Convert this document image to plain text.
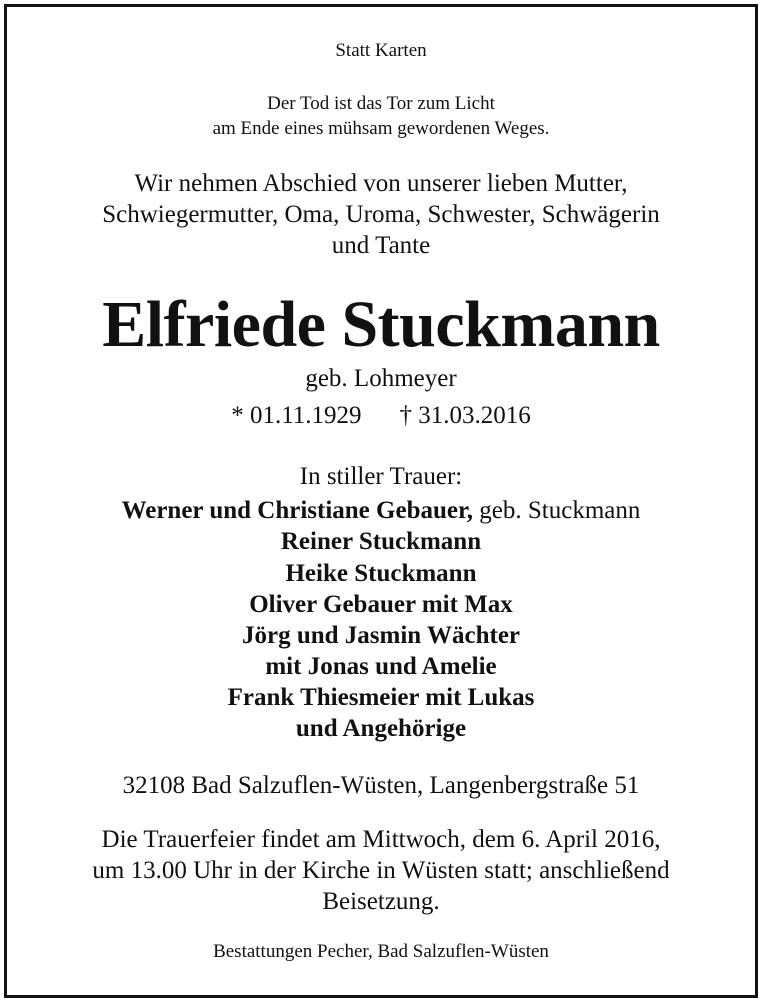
Statt Karten
Der Tod ist das Tor zum Licht
am Ende eines mühsam gewordenen Weges.
Wir nehmen Abschied von unserer lieben Mutter,
Schwiegermutter, Oma, Uroma, Schwester, Schwägerin
und Tante
Elfriede Stuckmann
geb. Lohmeyer
* 01.11.1929 † 31.03.2016
In stiller Trauer:
Werner und Christiane Gebauer, geb. Stuckmann
Reiner Stuckmann
Heike Stuckmann
Oliver Gebauer mit Max
Jörg und Jasmin Wächter
mit Jonas und Amelie
Frank Thiesmeier mit Lukas
und Angehörige
32108 Bad Salzuflen-Wüsten, Langenbergstraße 51
Die Trauerfeier findet am Mittwoch, dem 6. April 2016,
um 13.00 Uhr in der Kirche in Wüsten statt; anschließend
Beisetzung.
Bestattungen Pecher, Bad Salzuflen-Wüsten
